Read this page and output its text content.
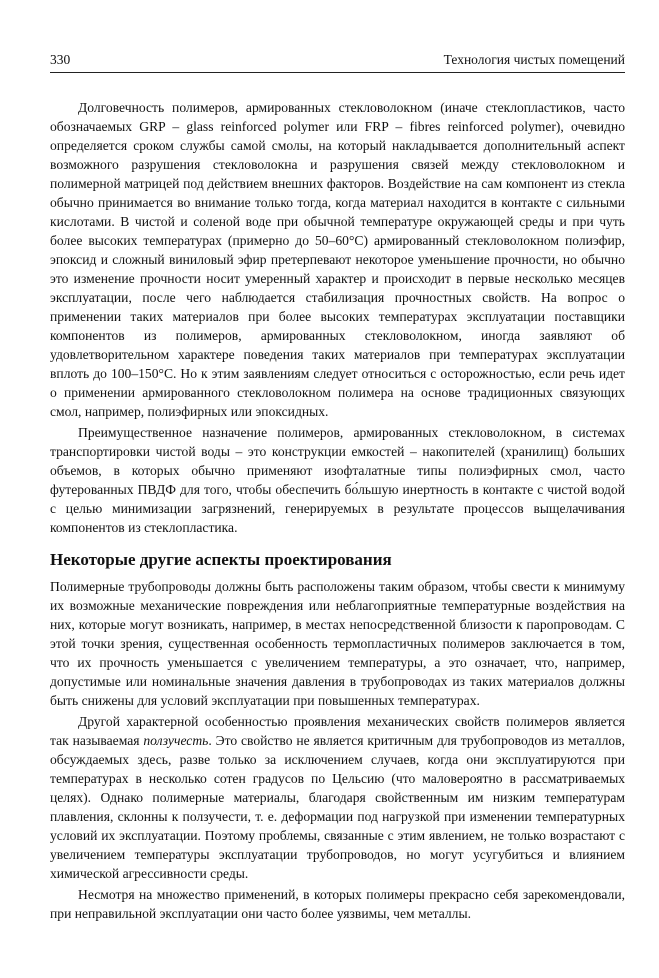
330	Технология чистых помещений

Долговечность полимеров, армированных стекловолокном (иначе стеклопластиков, часто обозначаемых GRP – glass reinforced polymer или FRP – fibres reinforced polymer), очевидно определяется сроком службы самой смолы, на который накладывается дополнительный аспект возможного разрушения стекловолокна и разрушения связей между стекловолокном и полимерной матрицей под действием внешних факторов. Воздействие на сам компонент из стекла обычно принимается во внимание только тогда, когда материал находится в контакте с сильными кислотами. В чистой и соленой воде при обычной температуре окружающей среды и при чуть более высоких температурах (примерно до 50–60°C) армированный стекловолокном полиэфир, эпоксид и сложный виниловый эфир претерпевают некоторое уменьшение прочности, но обычно это изменение прочности носит умеренный характер и происходит в первые несколько месяцев эксплуатации, после чего наблюдается стабилизация прочностных свойств. На вопрос о применении таких материалов при более высоких температурах эксплуатации поставщики компонентов из полимеров, армированных стекловолокном, иногда заявляют об удовлетворительном характере поведения таких материалов при температурах эксплуатации вплоть до 100–150°C. Но к этим заявлениям следует относиться с осторожностью, если речь идет о применении армированного стекловолокном полимера на основе традиционных связующих смол, например, полиэфирных или эпоксидных.

Преимущественное назначение полимеров, армированных стекловолокном, в системах транспортировки чистой воды – это конструкции емкостей – накопителей (хранилищ) больших объемов, в которых обычно применяют изофталатные типы полиэфирных смол, часто футерованных ПВДФ для того, чтобы обеспечить бо́льшую инертность в контакте с чистой водой с целью минимизации загрязнений, генерируемых в результате процессов выщелачивания компонентов из стеклопластика.

Некоторые другие аспекты проектирования

Полимерные трубопроводы должны быть расположены таким образом, чтобы свести к минимуму их возможные механические повреждения или неблагоприятные температурные воздействия на них, которые могут возникать, например, в местах непосредственной близости к паропроводам. С этой точки зрения, существенная особенность термопластичных полимеров заключается в том, что их прочность уменьшается с увеличением температуры, а это означает, что, например, допустимые или номинальные значения давления в трубопроводах из таких материалов должны быть снижены для условий эксплуатации при повышенных температурах.

Другой характерной особенностью проявления механических свойств полимеров является так называемая ползучесть. Это свойство не является критичным для трубопроводов из металлов, обсуждаемых здесь, разве только за исключением случаев, когда они эксплуатируются при температурах в несколько сотен градусов по Цельсию (что маловероятно в рассматриваемых целях). Однако полимерные материалы, благодаря свойственным им низким температурам плавления, склонны к ползучести, т. е. деформации под нагрузкой при изменении температурных условий их эксплуатации. Поэтому проблемы, связанные с этим явлением, не только возрастают с увеличением температуры эксплуатации трубопроводов, но могут усугубиться и влиянием химической агрессивности среды.

Несмотря на множество применений, в которых полимеры прекрасно себя зарекомендовали, при неправильной эксплуатации они часто более уязвимы, чем металлы.
